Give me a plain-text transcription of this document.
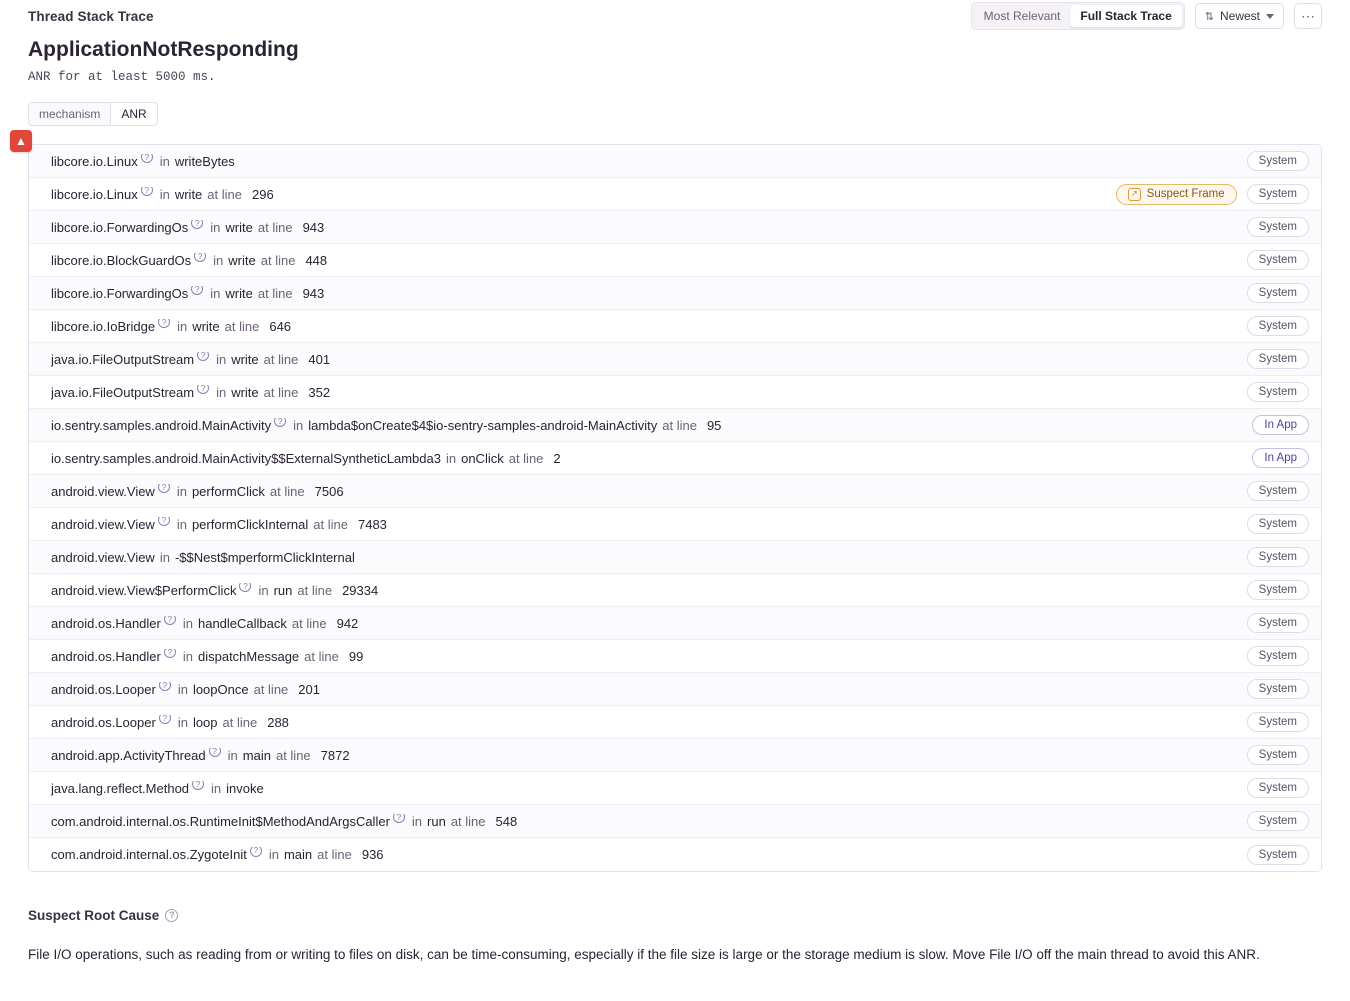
Thread Stack Trace	Most Relevant	Full Stack Trace	⇅ Newest	⋯
ApplicationNotResponding

ANR for at least 5000 ms.

mechanism	ANR
▲
libcore.io.Linux ? in writeBytes	System
libcore.io.Linux ? in write at line 296	↗ Suspect Frame	System
libcore.io.ForwardingOs ? in write at line 943	System
libcore.io.BlockGuardOs ? in write at line 448	System
libcore.io.ForwardingOs ? in write at line 943	System
libcore.io.IoBridge ? in write at line 646	System
java.io.FileOutputStream ? in write at line 401	System
java.io.FileOutputStream ? in write at line 352	System
io.sentry.samples.android.MainActivity ? in lambda$onCreate$4$io-sentry-samples-android-MainActivity at line 95	In App
io.sentry.samples.android.MainActivity$$ExternalSyntheticLambda3 in onClick at line 2	In App
android.view.View ? in performClick at line 7506	System
android.view.View ? in performClickInternal at line 7483	System
android.view.View in -$$Nest$mperformClickInternal	System
android.view.View$PerformClick ? in run at line 29334	System
android.os.Handler ? in handleCallback at line 942	System
android.os.Handler ? in dispatchMessage at line 99	System
android.os.Looper ? in loopOnce at line 201	System
android.os.Looper ? in loop at line 288	System
android.app.ActivityThread ? in main at line 7872	System
java.lang.reflect.Method ? in invoke	System
com.android.internal.os.RuntimeInit$MethodAndArgsCaller ? in run at line 548	System
com.android.internal.os.ZygoteInit ? in main at line 936	System
Suspect Root Cause	?

File I/O operations, such as reading from or writing to files on disk, can be time-consuming, especially if the file size is large or the storage medium is slow. Move File I/O off the main thread to avoid this ANR.
